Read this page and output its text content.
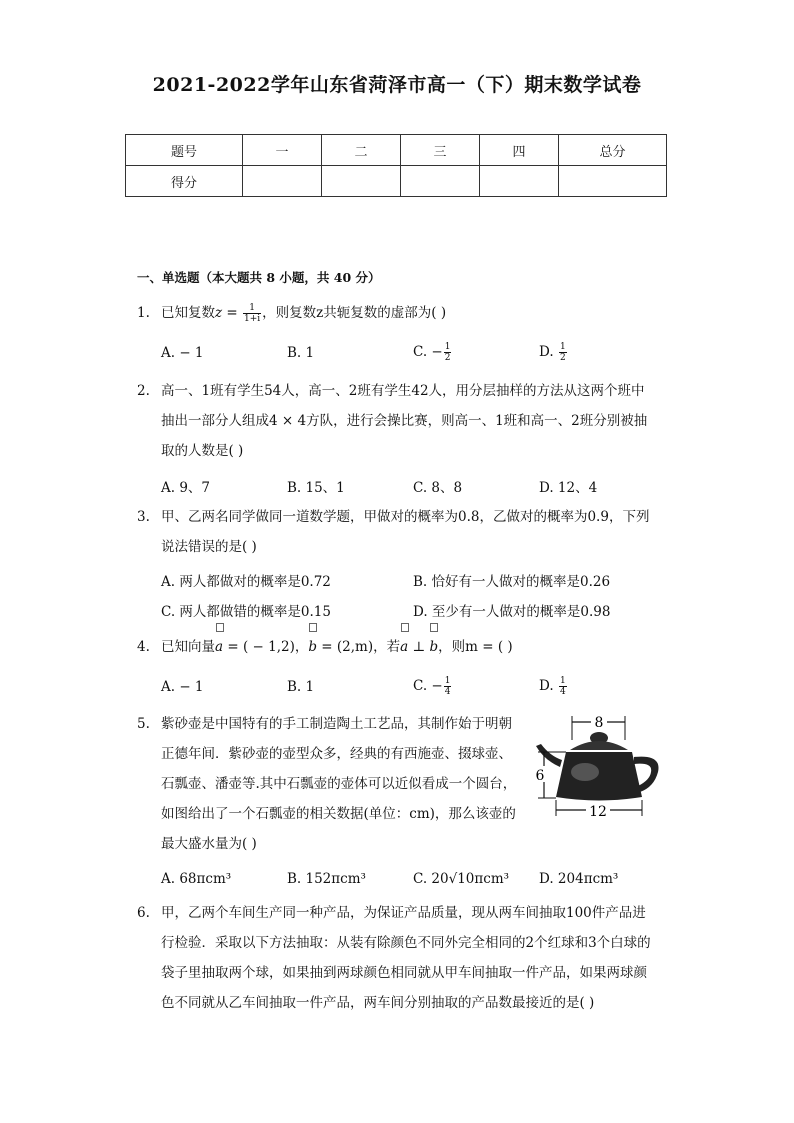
2021-2022学年山东省菏泽市高一（下）期末数学试卷
题号	一	二	三	四	总分
得分					
一、单选题（本大题共 8 小题，共 40 分）
1. 已知复数$z = \frac{1}{1+i}$ ，则复数z共轭复数的虚部为( )
A. − 1	B. 1	C. − $\frac{1}{2}$	D. $\frac{1}{2}$
2. 高一、1班有学生54人，高一、2班有学生42人，用分层抽样的方法从这两个班中
抽出一部分人组成4 × 4方队，进行会操比赛，则高一、1班和高一、2班分别被抽
取的人数是( )
A. 9、7	B. 15、1	C. 8、8	D. 12、4
3. 甲、乙两名同学做同一道数学题，甲做对的概率为0.8，乙做对的概率为0.9，下列
说法错误的是( )
A. 两人都做对的概率是0.72	B. 恰好有一人做对的概率是0.26
C. 两人都做错的概率是0.15	D. 至少有一人做对的概率是0.98
4. 已知向量
a = ( − 1,2)，
b = (2,m)，若
a ⊥
b，则m = ( )
A. − 1	B. 1	C. − $\frac{1}{4}$	D. $\frac{1}{4}$
5. 紫砂壶是中国特有的手工制造陶土工艺品，其制作始于明朝
正德年间．紫砂壶的壶型众多，经典的有西施壶、掇球壶、
石瓢壶、潘壶等.其中石瓢壶的壶体可以近似看成一个圆台，
如图给出了一个石瓢壶的相关数据(单位：cm)，那么该壶的
最大盛水量为( )
8
6
12
A. 68πcm³	B. 152πcm³	C. 20√10πcm³ D. 204πcm³
6. 甲，乙两个车间生产同一种产品，为保证产品质量，现从两车间抽取100件产品进
行检验．采取以下方法抽取：从装有除颜色不同外完全相同的2个红球和3个白球的
袋子里抽取两个球，如果抽到两球颜色相同就从甲车间抽取一件产品，如果两球颜
色不同就从乙车间抽取一件产品，两车间分别抽取的产品数最接近的是( )
